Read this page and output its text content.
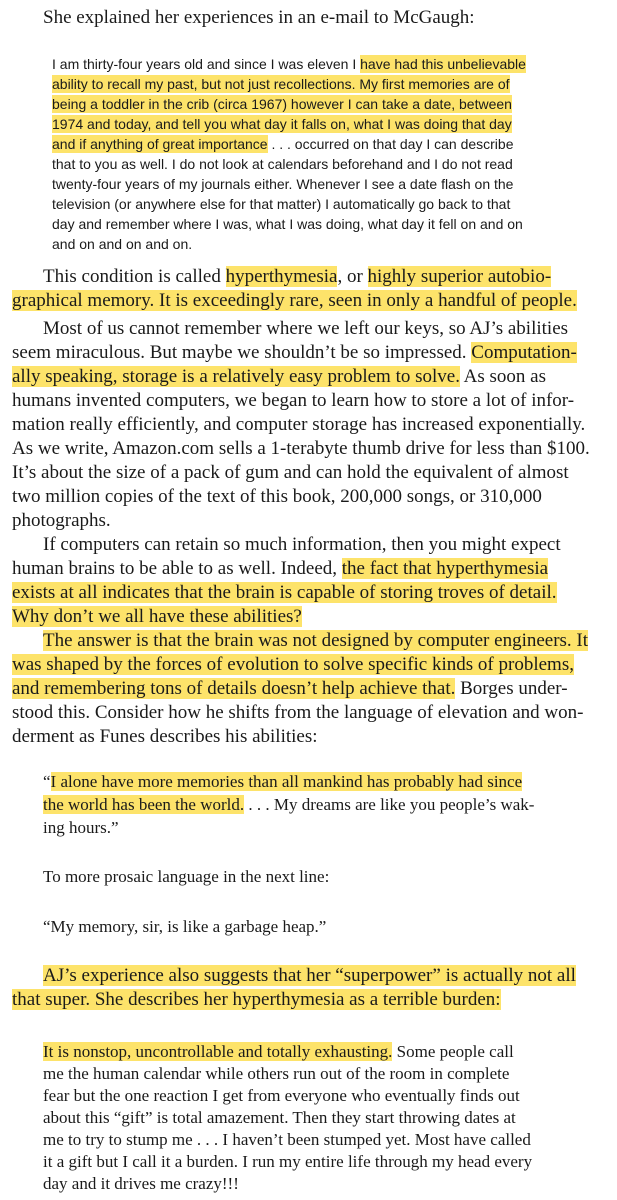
She explained her experiences in an e-mail to McGaugh:

I am thirty-four years old and since I was eleven I have had this unbelievable

ability to recall my past, but not just recollections. My first memories are of

being a toddler in the crib (circa 1967) however I can take a date, between

1974 and today, and tell you what day it falls on, what I was doing that day

and if anything of great importance . . . occurred on that day I can describe

that to you as well. I do not look at calendars beforehand and I do not read

twenty-four years of my journals either. Whenever I see a date flash on the

television (or anywhere else for that matter) I automatically go back to that

day and remember where I was, what I was doing, what day it fell on and on

and on and on and on.

This condition is called hyperthymesia, or highly superior autobio-

graphical memory. It is exceedingly rare, seen in only a handful of people.

Most of us cannot remember where we left our keys, so AJ’s abilities

seem miraculous. But maybe we shouldn’t be so impressed. Computation-

ally speaking, storage is a relatively easy problem to solve. As soon as

humans invented computers, we began to learn how to store a lot of infor-

mation really efficiently, and computer storage has increased exponentially.

As we write, Amazon.com sells a 1-terabyte thumb drive for less than $100.

It’s about the size of a pack of gum and can hold the equivalent of almost

two million copies of the text of this book, 200,000 songs, or 310,000

photographs.

If computers can retain so much information, then you might expect

human brains to be able to as well. Indeed, the fact that hyperthymesia

exists at all indicates that the brain is capable of storing troves of detail.

Why don’t we all have these abilities?

The answer is that the brain was not designed by computer engineers. It

was shaped by the forces of evolution to solve specific kinds of problems,

and remembering tons of details doesn’t help achieve that. Borges under-

stood this. Consider how he shifts from the language of elevation and won-

derment as Funes describes his abilities:

“I alone have more memories than all mankind has probably had since

the world has been the world. . . . My dreams are like you people’s wak-

ing hours.”

To more prosaic language in the next line:

“My memory, sir, is like a garbage heap.”

AJ’s experience also suggests that her “superpower” is actually not all

that super. She describes her hyperthymesia as a terrible burden:

It is nonstop, uncontrollable and totally exhausting. Some people call

me the human calendar while others run out of the room in complete

fear but the one reaction I get from everyone who eventually finds out

about this “gift” is total amazement. Then they start throwing dates at

me to try to stump me . . . I haven’t been stumped yet. Most have called

it a gift but I call it a burden. I run my entire life through my head every

day and it drives me crazy!!!
